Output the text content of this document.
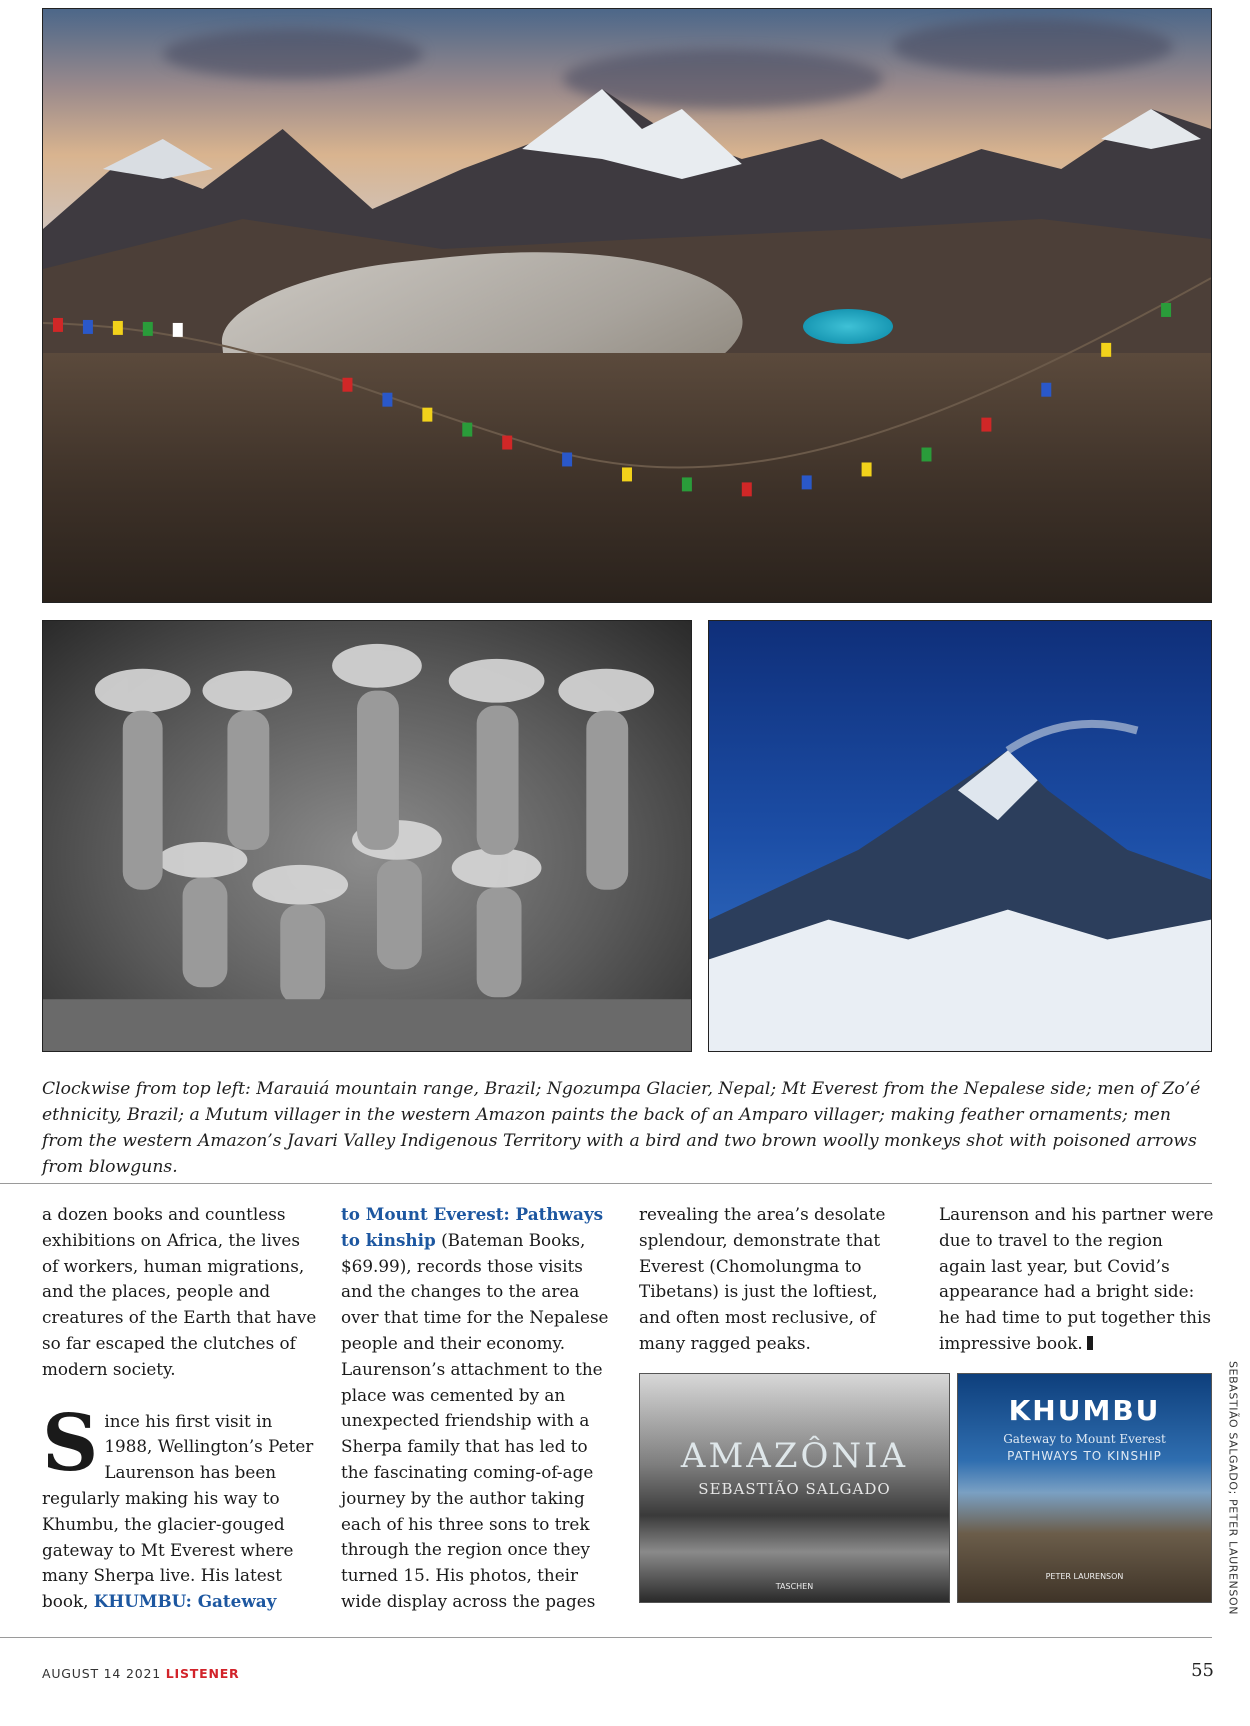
Clockwise from top left: Marauiá mountain range, Brazil; Ngozumpa Glacier, Nepal; Mt Everest from the Nepalese side; men of Zo’é ethnicity, Brazil; a Mutum villager in the western Amazon paints the back of an Amparo villager; making feather ornaments; men from the western Amazon’s Javari Valley Indigenous Territory with a bird and two brown woolly monkeys shot with poisoned arrows from blowguns.

a dozen books and countless exhibitions on Africa, the lives of workers, human migrations, and the places, people and creatures of the Earth that have so far escaped the clutches of modern society.

Since his first visit in 1988, Wellington’s Peter Laurenson has been regularly making his way to Khumbu, the glacier-gouged gateway to Mt Everest where many Sherpa live. His latest book, KHUMBU: Gateway

to Mount Everest: Pathways to kinship (Bateman Books, $69.99), records those visits and the changes to the area over that time for the Nepalese people and their economy. Laurenson’s attachment to the place was cemented by an unexpected friendship with a Sherpa family that has led to the fascinating coming-of-age journey by the author taking each of his three sons to trek through the region once they turned 15. His photos, their wide display across the pages

revealing the area’s desolate splendour, demonstrate that Everest (Chomolungma to Tibetans) is just the loftiest, and often most reclusive, of many ragged peaks.

Laurenson and his partner were due to travel to the region again last year, but Covid’s appearance had a bright side: he had time to put together this impressive book.

AMAZÔNIA
SEBASTIÃO SALGADO
TASCHEN
KHUMBU
Gateway to Mount Everest
PATHWAYS TO KINSHIP
PETER LAURENSON	SEBASTIÃO SALGADO; PETER LAURENSON
AUGUST 14 2021 LISTENER	55
